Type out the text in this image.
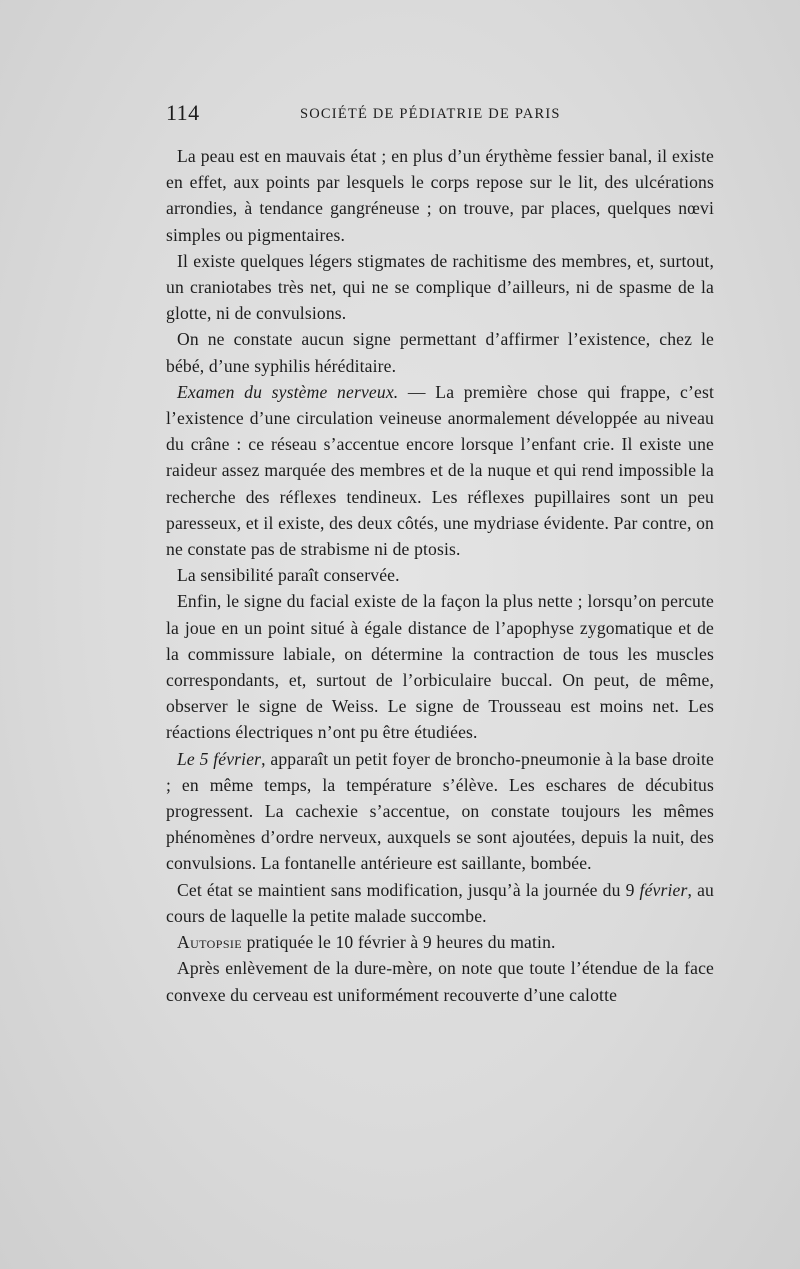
114	SOCIÉTÉ DE PÉDIATRIE DE PARIS

La peau est en mauvais état ; en plus d’un érythème fessier banal, il existe en effet, aux points par lesquels le corps repose sur le lit, des ulcérations arrondies, à tendance gangréneuse ; on trouve, par places, quelques nœvi simples ou pigmentaires.

Il existe quelques légers stigmates de rachitisme des membres, et, surtout, un craniotabes très net, qui ne se complique d’ailleurs, ni de spasme de la glotte, ni de convulsions.

On ne constate aucun signe permettant d’affirmer l’existence, chez le bébé, d’une syphilis héréditaire.

Examen du système nerveux. — La première chose qui frappe, c’est l’existence d’une circulation veineuse anormalement développée au niveau du crâne : ce réseau s’accentue encore lorsque l’enfant crie. Il existe une raideur assez marquée des membres et de la nuque et qui rend impossible la recherche des réflexes tendineux. Les réflexes pupillaires sont un peu paresseux, et il existe, des deux côtés, une mydriase évidente. Par contre, on ne constate pas de strabisme ni de ptosis.

La sensibilité paraît conservée.

Enfin, le signe du facial existe de la façon la plus nette ; lorsqu’on percute la joue en un point situé à égale distance de l’apophyse zygomatique et de la commissure labiale, on détermine la contraction de tous les muscles correspondants, et, surtout de l’orbiculaire buccal. On peut, de même, observer le signe de Weiss. Le signe de Trousseau est moins net. Les réactions électriques n’ont pu être étudiées.

Le 5 février, apparaît un petit foyer de broncho-pneumonie à la base droite ; en même temps, la température s’élève. Les eschares de décubitus progressent. La cachexie s’accentue, on constate toujours les mêmes phénomènes d’ordre nerveux, auxquels se sont ajoutées, depuis la nuit, des convulsions. La fontanelle antérieure est saillante, bombée.

Cet état se maintient sans modification, jusqu’à la journée du 9 février, au cours de laquelle la petite malade succombe.

Autopsie pratiquée le 10 février à 9 heures du matin.

Après enlèvement de la dure-mère, on note que toute l’étendue de la face convexe du cerveau est uniformément recouverte d’une calotte
